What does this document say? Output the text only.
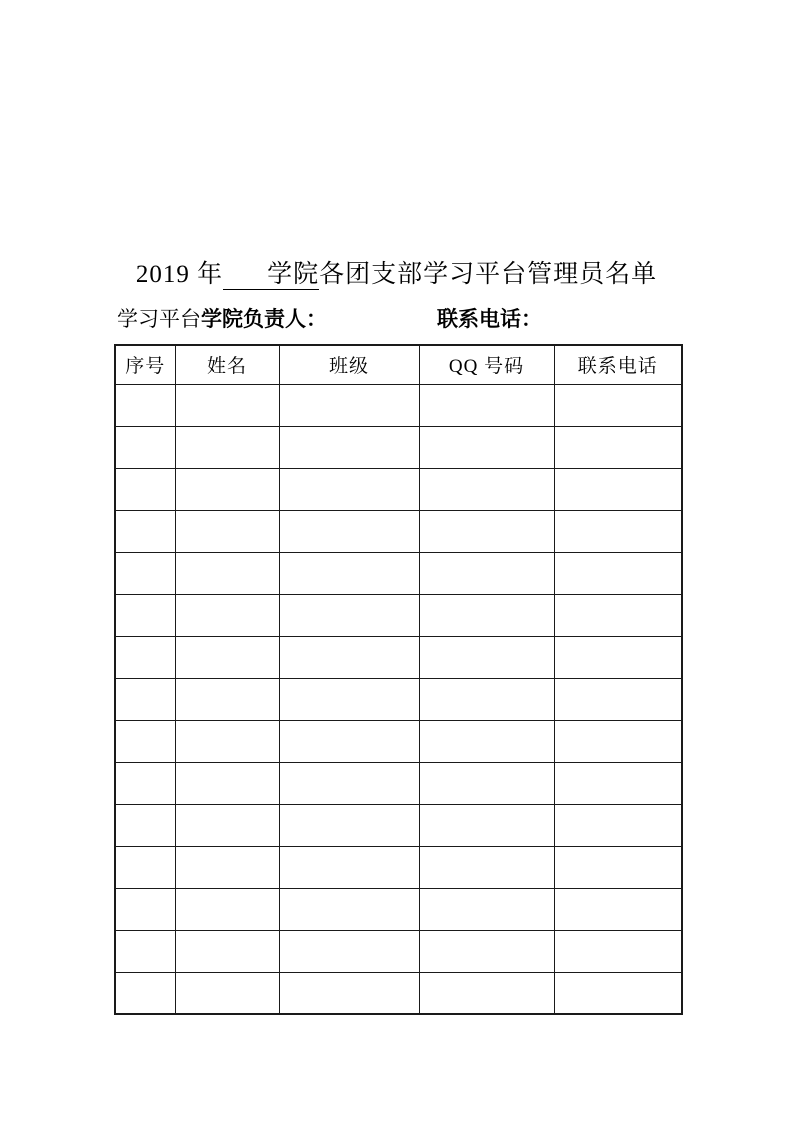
2019 年 学院各团支部学习平台管理员名单
学习平台学院负责人：	联系电话：
序号	姓名	班级	QQ 号码	联系电话
